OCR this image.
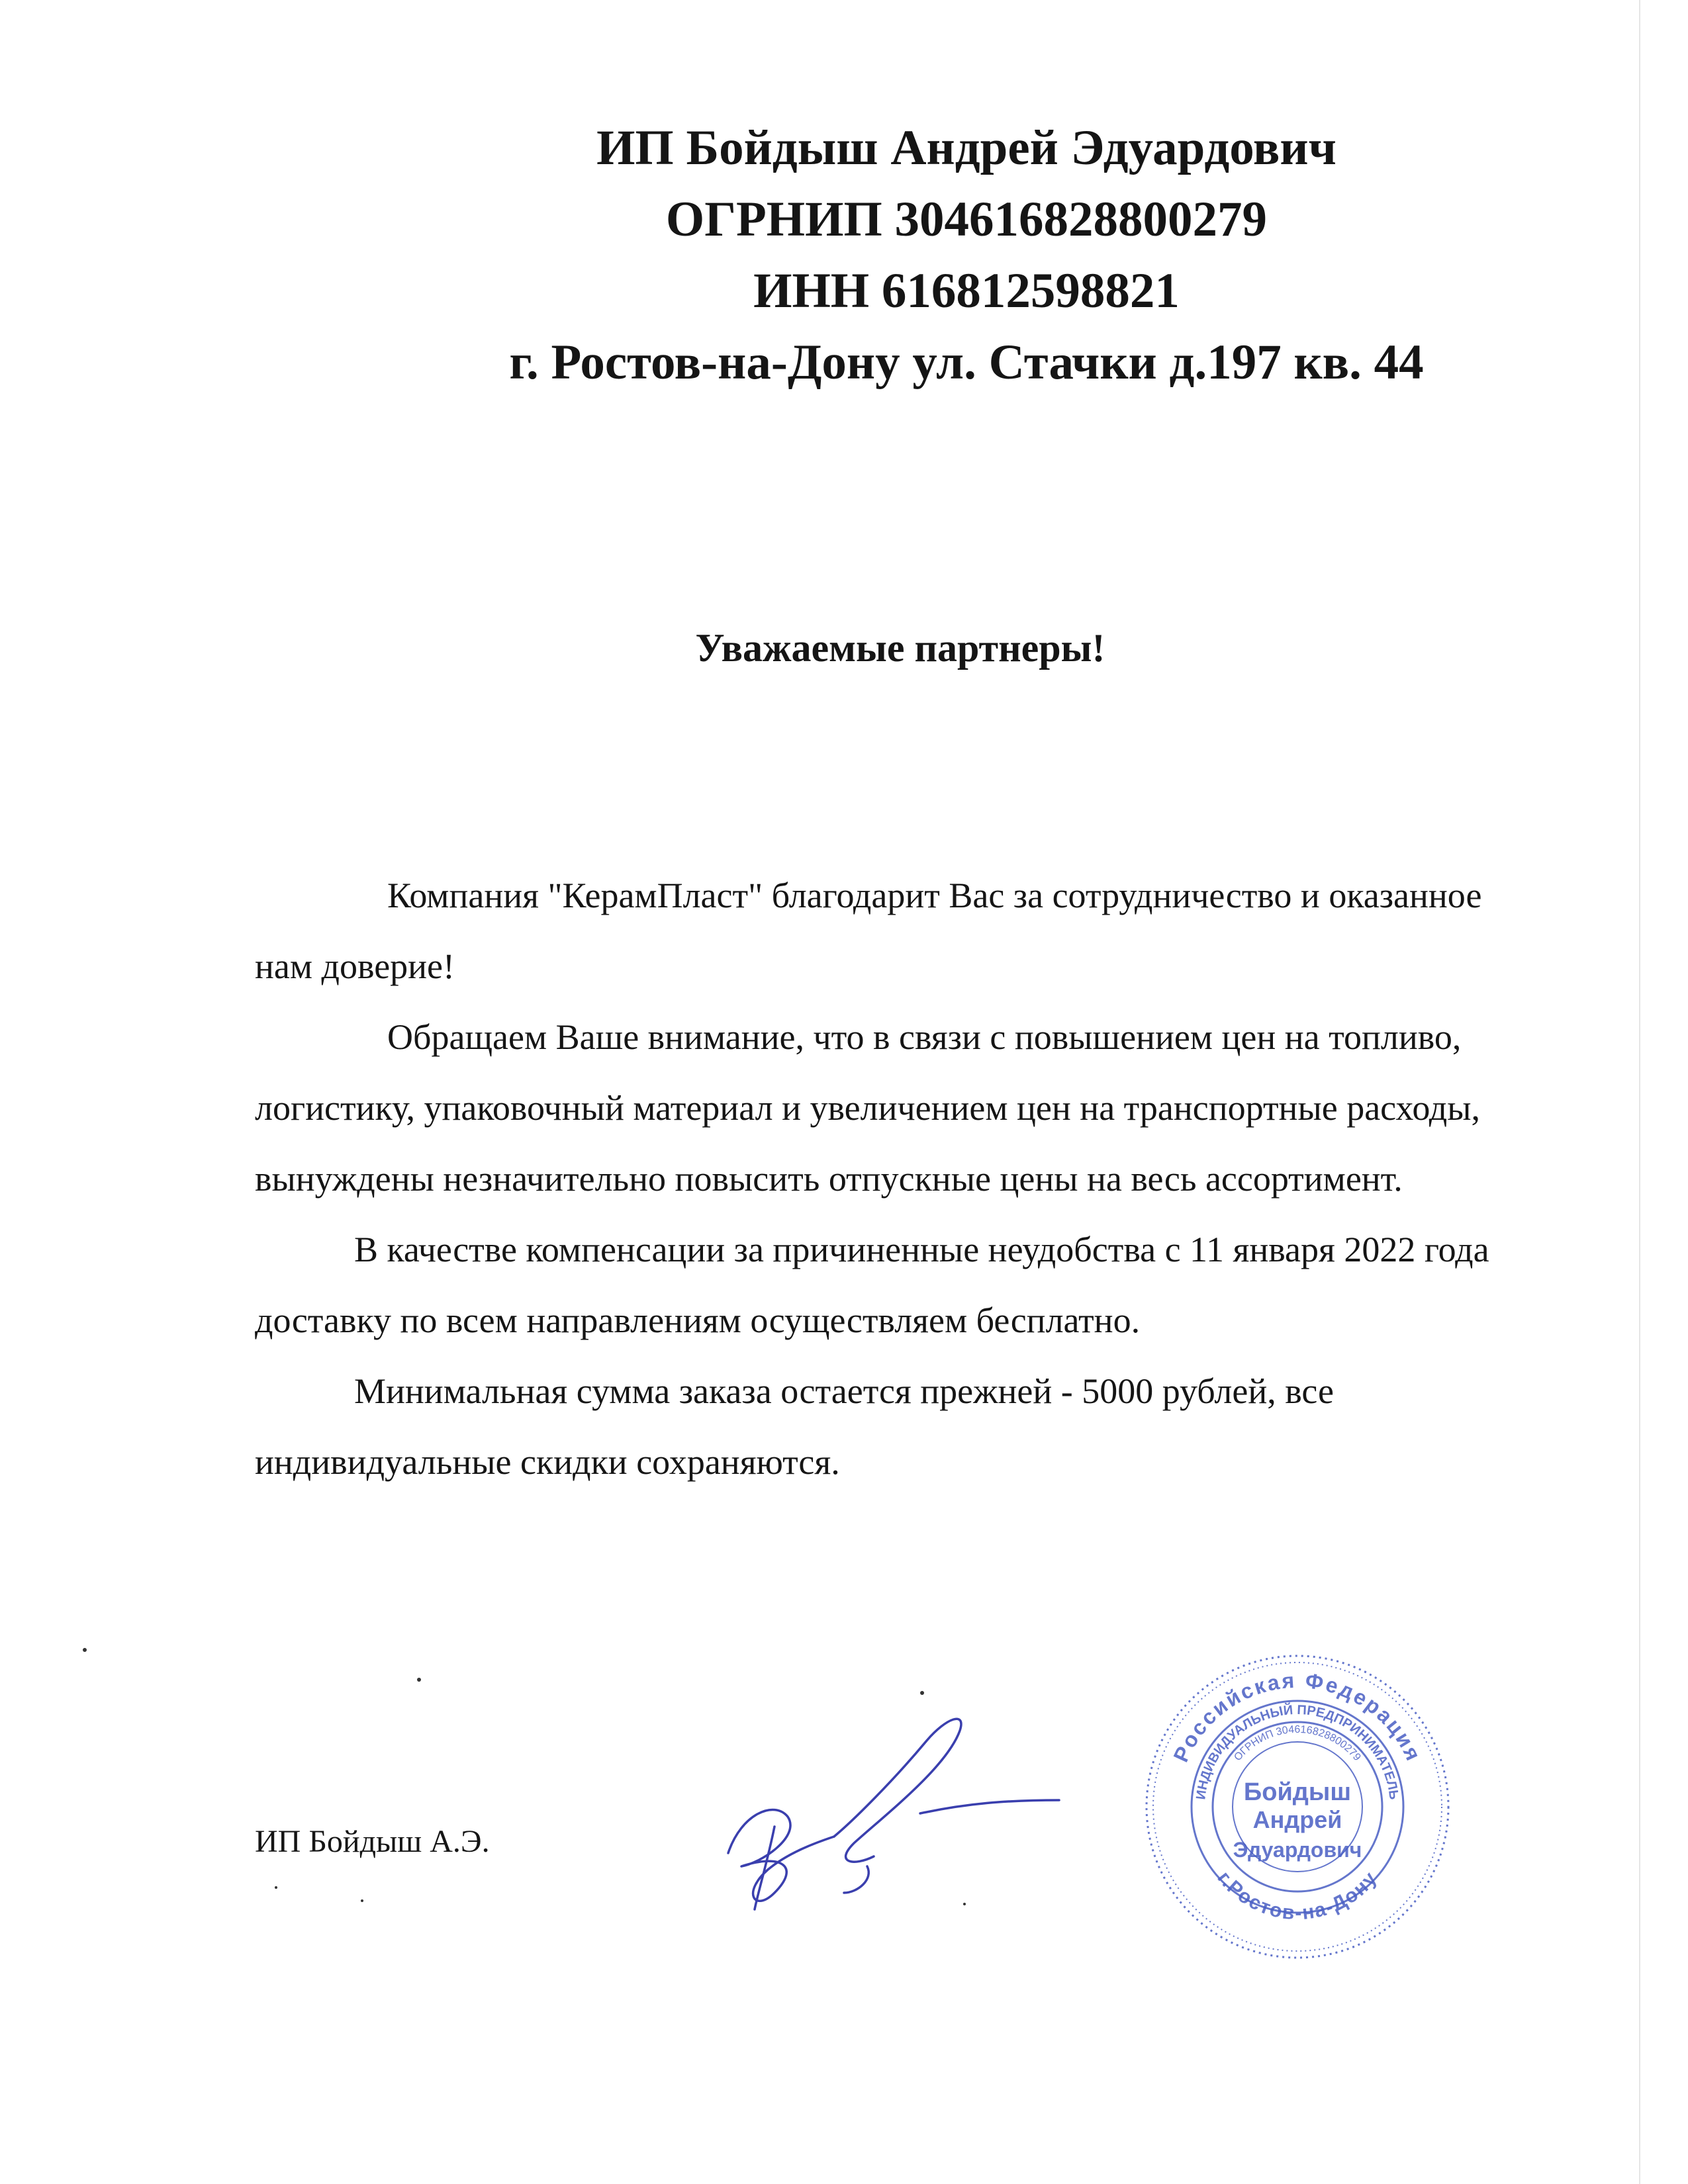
ИП Бойдыш Андрей Эдуардович
ОГРНИП 304616828800279
ИНН 616812598821
г. Ростов-на-Дону ул. Стачки д.197 кв. 44
Уважаемые партнеры!

Компания "КерамПласт" благодарит Вас за сотрудничество и оказанное нам доверие!

Обращаем Ваше внимание, что в связи с повышением цен на топливо, логистику, упаковочный материал и увеличением цен на транспортные расходы, вынуждены незначительно повысить отпускные цены на весь ассортимент.

В качестве компенсации за причиненные неудобства с 11 января 2022 года доставку по всем направлениям осуществляем бесплатно.

Минимальная сумма заказа остается прежней - 5000 рублей, все индивидуальные скидки сохраняются.

ИП Бойдыш А.Э.
Российская Федерация
ИНДИВИДУАЛЬНЫЙ ПРЕДПРИНИМАТЕЛЬ
ОГРНИП 304616828800279
г.Ростов-на-Дону
Бойдыш
Андрей
Эдуардович
